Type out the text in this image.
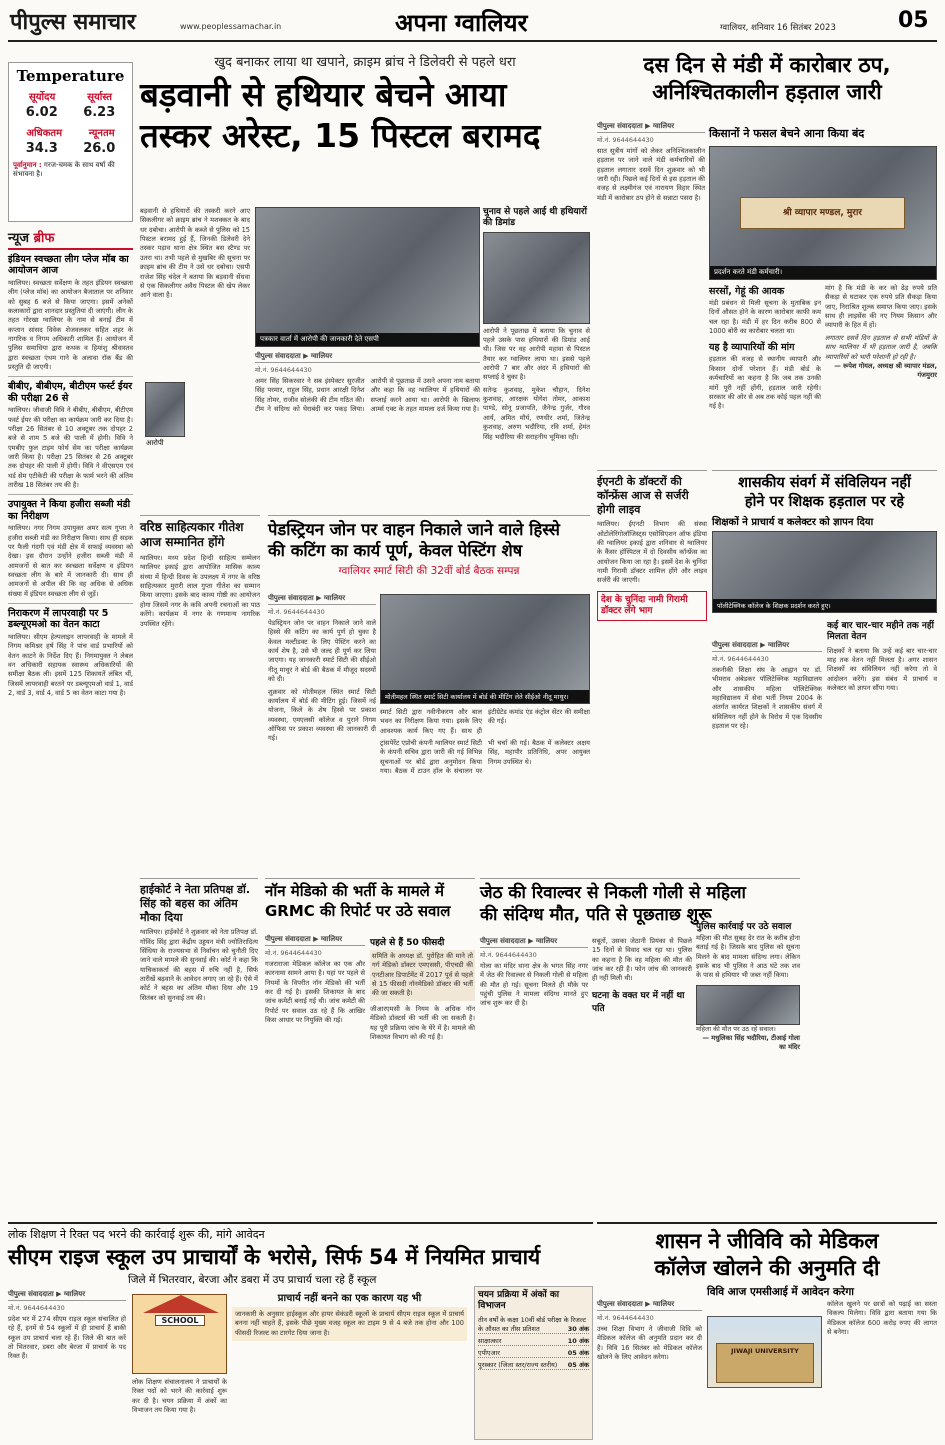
पीपुल्स समाचार	www.peoplessamachar.in	अपना ग्वालियर	ग्वालियर, शनिवार 16 सितंबर 2023	05
Temperature
सूर्योदय	सूर्यास्त
6.02 6.23
अधिकतम	न्यूनतम
34.3 26.0
पूर्वानुमान : गरज-चमक के साथ वर्षा की संभावना है।
न्यूज ब्रीफ
इंडियन स्वच्छता लीग प्लेज मॉब का आयोजन आज
ग्वालियर। स्वच्छता सर्वेक्षण के तहत इंडियन स्वच्छता लीग (प्लेज मॉब) का आयोजन बैजाताल पर शनिवार को सुबह 6 बजे से किया जाएगा। इसमें अनेकों कलाकारों द्वारा शानदार प्रस्तुतियां दी जाएंगी। लीग के तहत गोरखा ग्वालियर के नाम से बनाई टीम में कप्तान सांसद विवेक शेजवलकर सहित शहर के नागरिक व निगम अधिकारी शामिल हैं। आयोजन में पुलिस समाधिया द्वारा कथक व हिमांशु श्रीवास्तव द्वारा स्वच्छता एंथम गाने के अलावा रॉक बैंड की प्रस्तुति दी जाएगी।
बीबीए, बीबीएम, बीटीएम फर्स्ट ईयर की परीक्षा 26 से
ग्वालियर। जीवाजी विवि ने बीबीए, बीबीएम, बीटीएम फर्स्ट ईयर की परीक्षा का कार्यक्रम जारी कर दिया है। परीक्षा 26 सितंबर से 10 अक्टूबर तक दोपहर 2 बजे से शाम 5 बजे की पाली में होगी। विवि ने एमबीए फुल टाइम फोर्थ सेम का परीक्षा कार्यक्रम जारी किया है। परीक्षा 25 सितंबर से 26 अक्टूबर तक दोपहर की पाली में होगी। विवि ने वीएसएम एवं थर्ड सेम एटीकेटी की परीक्षा के फार्म भरने की अंतिम तारीख 18 सितंबर तय की है।
उपायुक्त ने किया हजीरा सब्जी मंडी का निरीक्षण
ग्वालियर। नगर निगम उपायुक्त अमर सत्य गुप्ता ने हजीरा सब्जी मंडी का निरीक्षण किया। साथ ही सड़क पर फैली गंदगी एवं मंडी क्षेत्र में सफाई व्यवस्था को देखा। इस दौरान उन्होंने हजीरा सब्जी मंडी में आमजनों से बात कर स्वच्छता सर्वेक्षण व इंडियन स्वच्छता लीग के बारे में जानकारी दी। साथ ही आमजनों से अपील की कि वह अधिक से अधिक संख्या में इंडियन स्वच्छता लीग से जुड़ें।
निराकरण में लापरवाही पर 5 डब्ल्यूएमओ का वेतन काटा
ग्वालियर। सीएम हेल्पलाइन लापरवाही के मामले में निगम कमिश्नर हर्ष सिंह ने पांच वार्ड प्रभारियों को वेतन काटने के निर्देश दिए हैं। निगमायुक्त ने लेबल वन अधिकारी सहायक स्वास्थ्य अधिकारियों की समीक्षा बैठक ली। इसमें 125 शिकायतें लंबित थीं, जिसमें लापरवाही बरतने पर डब्ल्यूएमओ वार्ड 1, वार्ड 2, वार्ड 3, वार्ड 4, वार्ड 5 का वेतन काटा गया है।
खुद बनाकर लाया था खपाने, क्राइम ब्रांच ने डिलेवरी से पहले धरा
बड़वानी से हथियार बेचने आया
तस्कर अरेस्ट, 15 पिस्टल बरामद
बड़वानी से हथियारों की तस्करी करने आए सिकलीगर को क्राइम ब्रांच ने मशक्कत के बाद धर दबोचा। आरोपी के कब्जे से पुलिस को 15 पिस्टल बरामद हुई हैं, जिनकी डिलेवरी देने तस्कर पड़ाव थाना क्षेत्र स्थित बस स्टैण्ड पर उतरा था। तभी पहले से मुखबिर की सूचना पर क्राइम ब्रांच की टीम ने उसे धर दबोचा। एसपी राजेश सिंह चंदेल ने बताया कि बड़वानी सेंधवा से एक सिकलीगर अवैध पिस्टल की खेप लेकर आने वाला है।
पत्रकार वार्ता में आरोपी की जानकारी देते एसपी
आरोपी
पीपुल्स संवाददाता ▶ ग्वालियर
मो.नं. 9644644430
अमर सिंह सिकरवार ने सब इंस्पेक्टर सुरजीत सिंह परमार, राहुल सिंह, प्रधान आरक्षी दिनेश सिंह तोमर, राजीव सोलंकी की टीम गठित की। टीम ने संदिग्ध को घेराबंदी कर पकड़ लिया। आरोपी से पूछताछ में उसने अपना नाम बताया और कहा कि वह ग्वालियर में हथियारों की सप्लाई करने आया था। आरोपी के खिलाफ आर्म्स एक्ट के तहत मामला दर्ज किया गया है।
चुनाव से पहले आई थी हथियारों की डिमांड
आरोपी ने पूछताछ में बताया कि चुनाव से पहले उसके पास हथियारों की डिमांड आई थी। जिस पर वह आरोपी महावा से पिस्टल तैयार कर ग्वालियर लाया था। इससे पहले आरोपी 7 बार और अंदर में हथियारों की सप्लाई दे चुका है।
सतेन्द्र कुशवाह, मुकेश चौहान, दिनेश कुशवाह, आरक्षक योगेश तोमर, आकाश पाण्डे, सोनू प्रजापति, जैनेन्द्र गुर्जर, गौरव आर्य, अमित मौर्य, रणधीर शर्मा, जितेन्द्र कुशवाह, अरुण भदौरिया, रवि शर्मा, हेमंत सिंह भदौरिया की सराहनीय भूमिका रही।
वरिष्ठ साहित्यकार गीतेश आज सम्मानित होंगे
ग्वालियर। मध्य प्रदेश हिन्दी साहित्य सम्मेलन ग्वालियर इकाई द्वारा आयोजित मासिक काव्य संध्या में हिन्दी दिवस के उपलक्ष्य में नगर के वरिष्ठ साहित्यकार मुरारी लाल गुप्ता गीतेश का सम्मान किया जाएगा। इसके बाद काव्य गोष्ठी का आयोजन होगा जिसमें नगर के कवि अपनी रचनाओं का पाठ करेंगे। कार्यक्रम में नगर के गणमान्य नागरिक उपस्थित रहेंगे।
पेडस्ट्रियन जोन पर वाहन निकाले जाने वाले हिस्से
की कटिंग का कार्य पूर्ण, केवल पेस्टिंग शेष
ग्वालियर स्मार्ट सिटी की 32वीं बोर्ड बैठक सम्पन्न
पीपुल्स संवाददाता ▶ ग्वालियर
मो.नं. 9644644430
पेडस्ट्रियन जोन पर वाहन निकाले जाने वाले हिस्से की कटिंग का कार्य पूर्ण हो चुका है केवल मल्टीडक्ट के लिए पेस्टिंग करने का कार्य शेष है, उसे भी जल्द ही पूर्ण कर लिया जाएगा। यह जानकारी स्मार्ट सिटी की सीईओ नीतू माथुर ने बोर्ड की बैठक में मौजूद सदस्यों को दी।
शुक्रवार को मोतीमहल स्थित स्मार्ट सिटी कार्यालय में बोर्ड की मीटिंग हुई। जिसमें नई योजना, किले के शेष हिस्से पर प्रकाश व्यवस्था, एमएलसी कॉलेज व पुराने निगम ऑफिस पर प्रकाश व्यवस्था की जानकारी दी गई।
मोतीमहल स्थित स्मार्ट सिटी कार्यालय में बोर्ड की मीटिंग लेते सीईओ नीतू माथुर।
स्मार्ट सिटी द्वारा नवीनीकरण और बाल भवन का निरीक्षण किया गया। इसके लिए आवश्यक कार्य किए गए हैं। साथ ही इंटीग्रेटेड कमांड एंड कंट्रोल सेंटर की समीक्षा की गई।
ट्रांसपेरेंट एप्रोची कंपनी ग्वालियर स्मार्ट सिटी के कंपनी सचिव द्वारा जारी की गई विभिन्न सूचनाओं पर बोर्ड द्वारा अनुमोदन किया गया। बैठक में टाउन हॉल के संचालन पर भी चर्चा की गई। बैठक में कलेक्टर अक्षय सिंह, महापौर प्रतिनिधि, अपर आयुक्त निगम उपस्थित थे।
हाईकोर्ट ने नेता प्रतिपक्ष डॉ. सिंह को बहस का अंतिम मौका दिया
ग्वालियर। हाईकोर्ट ने शुक्रवार को नेता प्रतिपक्ष डॉ. गोविंद सिंह द्वारा केंद्रीय उड्डयन मंत्री ज्योतिरादित्य सिंधिया के राज्यसभा से निर्वाचन को चुनौती दिए जाने वाले मामले की सुनवाई की। कोर्ट ने कहा कि याचिकाकर्ता की बहस में रुचि नहीं है, सिर्फ तारीखें बढ़वाने के आवेदन लगाए जा रहे हैं। ऐसे में कोर्ट ने बहस का अंतिम मौका दिया और 19 सितंबर को सुनवाई तय की।
नॉन मेडिको की भर्ती के मामले में
GRMC की रिपोर्ट पर उठे सवाल
पीपुल्स संवाददाता ▶ ग्वालियर
मो.नं. 9644644430
गजराराजा मेडिकल कॉलेज का एक और कारनामा सामने आया है। यहां पर पहले से नियमों के विपरीत नॉन मेडिको की भर्ती कर दी गई है। इसकी शिकायत के बाद जांच कमेटी बनाई गई थी। जांच कमेटी की रिपोर्ट पर सवाल उठ रहे हैं कि आखिर किस आधार पर नियुक्ति की गई।
पहले से हैं 50 फीसदी
समिति के अध्यक्ष डॉ. पुरोहित की माने तो गर्ग मेडिको डॉक्टर एमएससी, पीएचडी की एनटीआर डिपार्टमेंट में 2017 पूर्व से पहले से 15 फीसदी नॉनमेडिको डॉक्टर की भर्ती की जा सकती है।
जीआरएमसी के नियम के अधिक नॉन मेडिको डॉक्टर्स की भर्ती की जा सकती है। यह पूरी प्रक्रिया जांच के घेरे में है। मामले की शिकायत विभाग को की गई है।
जेठ की रिवाल्वर से निकली गोली से महिला
की संदिग्ध मौत, पति से पूछताछ शुरू
पीपुल्स संवाददाता ▶ ग्वालियर
मो.नं. 9644644430
गोला का मंदिर थाना क्षेत्र के भगत सिंह नगर में जेठ की रिवाल्वर से निकली गोली से महिला की मौत हो गई। सूचना मिलते ही मौके पर पहुंची पुलिस ने मामला संदिग्ध मानते हुए जांच शुरू कर दी है।
सबूतों, उसका जेठानी प्रियंका से पिछले 15 दिनों से विवाद चल रहा था। पुलिस का कहना है कि वह महिला की मौत की जांच कर रही है। फोन जांच की जानकारी ही नहीं मिली थी।
घटना के वक्त घर में नहीं था पति
पुलिस कार्रवाई पर उठे सवाल
महिला की मौत सुबह देर रात के करीब होना बताई गई है। जिसके बाद पुलिस को सूचना मिलने के बाद मामला संदिग्ध लगा। लेकिन इसके बाद भी पुलिस ने आठ घंटे तक शव के पास से हथियार भी जब्त नहीं किया।
महिला की मौत पर उठ रहे सवाल।
— मधुलिका सिंह भदौरिया, टीआई गोला का मंदिर
दस दिन से मंडी में कारोबार ठप,
अनिश्चितकालीन हड़ताल जारी
पीपुल्स संवाददाता ▶ ग्वालियर
मो.नं. 9644644430
सात सूत्रीय मांगों को लेकर अनिश्चितकालीन हड़ताल पर जाने वाले मंडी कर्मचारियों की हड़ताल लगातार दसवें दिन शुक्रवार को भी जारी रही। पिछले कई दिनों से इस हड़ताल की वजह से लक्ष्मीगंज एवं नारायण विहार स्थित मंडी में कारोबार ठप होने से सन्नाटा पसरा है।
किसानों ने फसल बेचने आना किया बंद
श्री व्यापार मण्डल, मुरार
प्रदर्शन करते मंडी कर्मचारी।
सरसों, गेहूं की आवक
मंडी प्रबंधन से मिली सूचना के मुताबिक इन दिनों औसत होने के कारण कारोबार काफी कम चल रहा है। मंडी में हर दिन करीब 800 से 1000 बोरी का कारोबार चलता था।
यह है व्यापारियों की मांग
हड़ताल की वजह से स्थानीय व्यापारी और किसान दोनों परेशान हैं। मंडी बोर्ड के कर्मचारियों का कहना है कि जब तक उनकी मांगें पूरी नहीं होंगी, हड़ताल जारी रहेगी। सरकार की ओर से अब तक कोई पहल नहीं की गई है।
मांग है कि मंडी के कर को ढेड़ रुपये प्रति सैकड़ा से घटाकर एक रुपये प्रति सैकड़ा किया जाए, निराश्रित शुल्क समाप्त किया जाए। इसके साथ ही लाइसेंस की नए नियम किसान और व्यापारी के हित में हों।
लगातार दसवें दिन हड़ताल से सभी मंडियों के साथ ग्वालियर में भी हड़ताल जारी है, जबकि व्यापारियों को भारी परेशानी हो रही है।
— रूपेश गोयल, अध्यक्ष श्री व्यापार मंडल, गंजमुरार
ईएनटी के डॉक्टरों की कॉन्फ्रेंस आज से सर्जरी होगी लाइव
ग्वालियर। ईएनटी विभाग की संस्था ओटोलेरिंगोलॉजिस्ट्स एसोसिएशन ऑफ इंडिया की ग्वालियर इकाई द्वारा शनिवार से ग्वालियर के कैंसर हॉस्पिटल में दो दिवसीय कॉन्फ्रेंस का आयोजन किया जा रहा है। इसमें देश के चुनिंदा नामी गिरामी डॉक्टर शामिल होंगे और लाइव सर्जरी की जाएगी।
देश के चुनिंदा नामी गिरामी डॉक्टर लेंगे भाग
शासकीय संवर्ग में संविलियन नहीं
होने पर शिक्षक हड़ताल पर रहे
शिक्षकों ने प्राचार्य व कलेक्टर को ज्ञापन दिया
पॉलीटेक्निक कॉलेज के शिक्षक प्रदर्शन करते हुए।
पीपुल्स संवाददाता ▶ ग्वालियर
मो.नं. 9644644430
तकनीकी शिक्षा संघ के आह्वान पर डॉ. भीमराव अंबेडकर पॉलिटेक्निक महाविद्यालय और शासकीय महिला पॉलिटेक्निक महाविद्यालय में सेवा भर्ती नियम 2004 के अंतर्गत कार्यरत शिक्षकों ने शासकीय संवर्ग में संविलियन नहीं होने के विरोध में एक दिवसीय हड़ताल पर रहे।
कई बार चार-चार महीने तक नहीं मिलता वेतन
शिक्षकों ने बताया कि उन्हें कई बार चार-चार माह तक वेतन नहीं मिलता है। अगर शासन शिक्षकों का संविलियन नहीं करेगा तो वे आंदोलन करेंगे। इस संबंध में प्राचार्य व कलेक्टर को ज्ञापन सौंपा गया।
लोक शिक्षण ने रिक्त पद भरने की कार्रवाई शुरू की, मांगे आवेदन
सीएम राइज स्कूल उप प्राचार्यों के भरोसे, सिर्फ 54 में नियमित प्राचार्य
जिले में भितरवार, बेरजा और डबरा में उप प्राचार्य चला रहे हैं स्कूल
पीपुल्स संवाददाता ▶ ग्वालियर
मो.नं. 9644644430
प्रदेश भर में 274 सीएम राइज स्कूल संचालित हो रहे हैं, इनमें से 54 स्कूलों में ही प्राचार्य हैं बाकी स्कूल उप प्राचार्य चला रहे हैं। जिले की बात करें तो भितरवार, डबरा और बेरजा में प्राचार्य के पद रिक्त हैं।
SCHOOL
लोक शिक्षण संचालनालय ने प्राचार्यों के रिक्त पदों को भरने की कार्रवाई शुरू कर दी है। चयन प्रक्रिया में अंकों का विभाजन तय किया गया है।
प्राचार्य नहीं बनने का एक कारण यह भी
जानकारी के अनुसार हाईस्कूल और हायर सेकंडरी स्कूलों के प्राचार्य सीएम राइज स्कूल में प्राचार्य बनना नहीं चाहते हैं, इसके पीछे मुख्य वजह स्कूल का टाइम 9 से 4 बजे तक होना और 100 फीसदी रिजल्ट का टारगेट दिया जाना है।
चयन प्रक्रिया में अंकों का विभाजन
तीन वर्षों के कक्षा 10वीं बोर्ड परीक्षा के रिजल्ट के औसत का तीस प्रतिशत	30 अंक
साक्षात्कार	10 अंक
एपीएआर	05 अंक
पुरस्कार (जिला स्तर/राज्य स्तरीय) 05 अंक
शासन ने जीविवि को मेडिकल
कॉलेज खोलने की अनुमति दी
विवि आज एमसीआई में आवेदन करेगा
पीपुल्स संवाददाता ▶ ग्वालियर
मो.नं. 9644644430
उच्च शिक्षा विभाग ने जीवाजी विवि को मेडिकल कॉलेज की अनुमति प्रदान कर दी है। विवि 16 सितंबर को मेडिकल कॉलेज खोलने के लिए आवेदन करेगा।
JIWAJI UNIVERSITY
कॉलेज खुलने पर छात्रों को पढ़ाई का सस्ता विकल्प मिलेगा। विवि द्वारा बताया गया कि मेडिकल कॉलेज 600 करोड़ रुपए की लागत से बनेगा।
